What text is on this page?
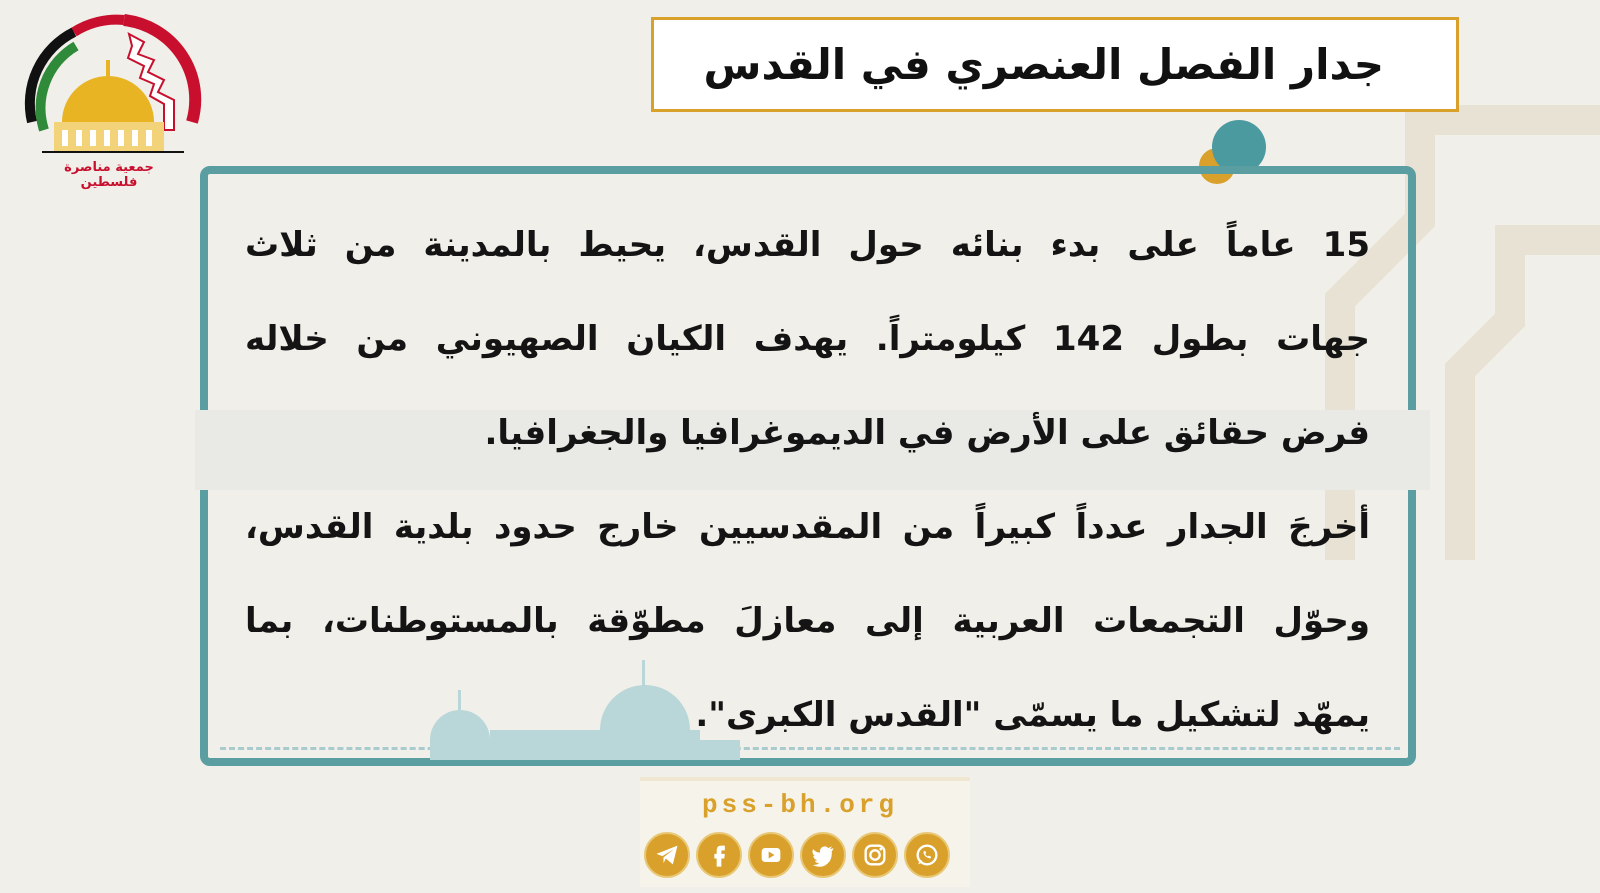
جمعية مناصرة فلسطين
جدار الفصل العنصري في القدس
15 عاماً على بدء بنائه حول القدس، يحيط بالمدينة من ثلاث
جهات بطول 142 كيلومتراً. يهدف الكيان الصهيوني من خلاله
فرض حقائق على الأرض في الديموغرافيا والجغرافيا.
أخرجَ الجدار عدداً كبيراً من المقدسيين خارج حدود بلدية القدس،
وحوّل التجمعات العربية إلى معازلَ مطوّقة بالمستوطنات، بما
يمهّد لتشكيل ما يسمّى "القدس الكبرى".
pss-bh.org
